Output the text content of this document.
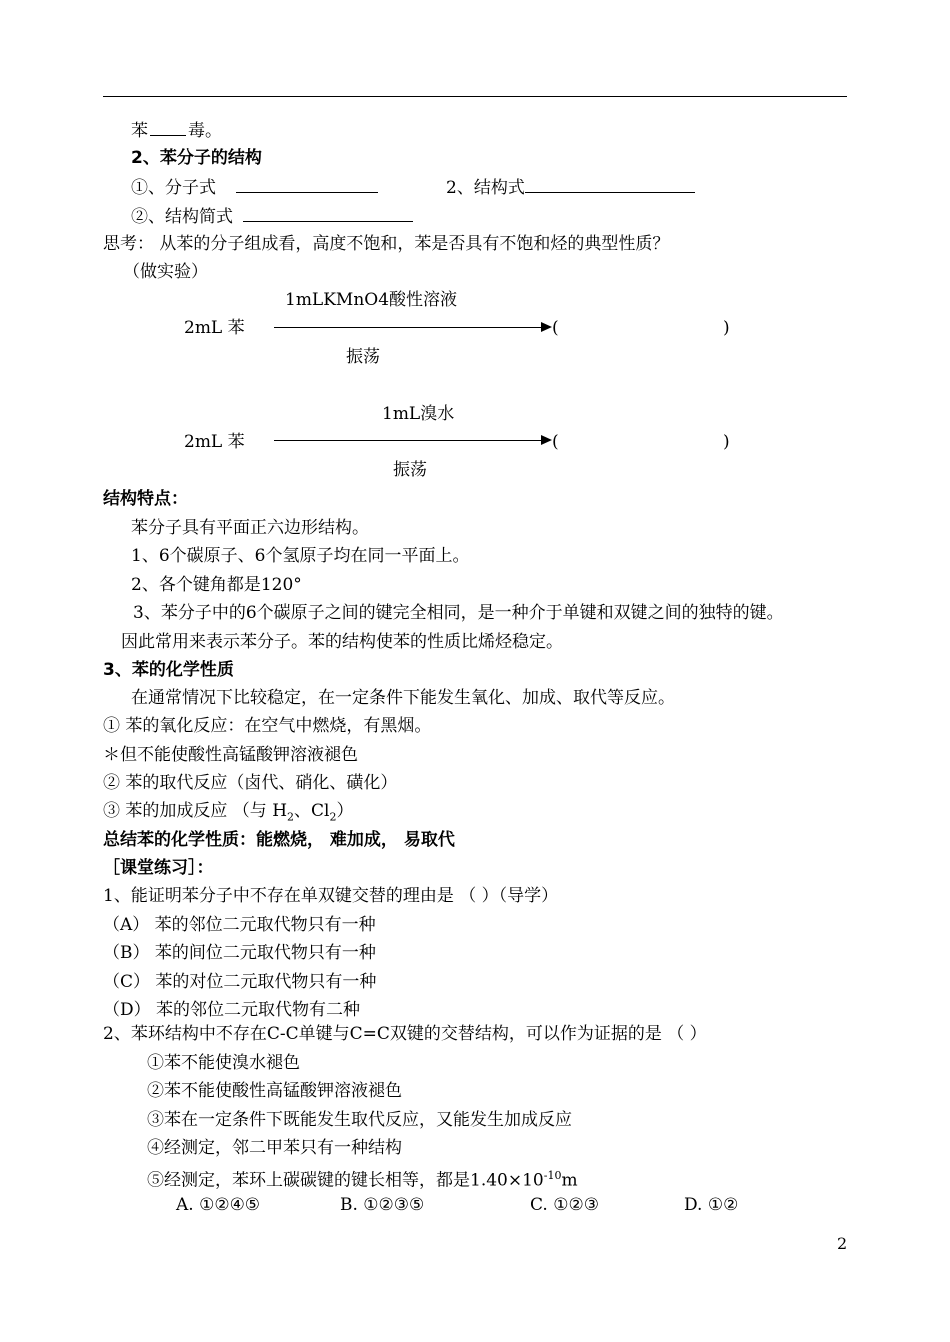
苯 毒。
2、苯分子的结构
①、分子式	2、结构式
②、结构简式
思考： 从苯的分子组成看，高度不饱和，苯是否具有不饱和烃的典型性质？
（做实验）
1mLKMnO4酸性溶液
2mL 苯	(	)
振荡
1mL溴水
2mL 苯	(	)
振荡
结构特点：
苯分子具有平面正六边形结构。
1、6个碳原子、6个氢原子均在同一平面上。
2、各个键角都是120°
3、苯分子中的6个碳原子之间的键完全相同，是一种介于单键和双键之间的独特的键。
因此常用来表示苯分子。苯的结构使苯的性质比烯烃稳定。
3、苯的化学性质
在通常情况下比较稳定，在一定条件下能发生氧化、加成、取代等反应。
① 苯的氧化反应：在空气中燃烧，有黑烟。
＊但不能使酸性高锰酸钾溶液褪色
② 苯的取代反应（卤代、硝化、磺化）
③ 苯的加成反应 （与 $H_2$、$Cl_2$）
总结苯的化学性质：能燃烧， 难加成， 易取代
［课堂练习］：
1、能证明苯分子中不存在单双键交替的理由是 （ ）（导学）
（A） 苯的邻位二元取代物只有一种
（B） 苯的间位二元取代物只有一种
（C） 苯的对位二元取代物只有一种
（D） 苯的邻位二元取代物有二种
2、苯环结构中不存在C-C单键与C=C双键的交替结构，可以作为证据的是 （ ）
①苯不能使溴水褪色
②苯不能使酸性高锰酸钾溶液褪色
③苯在一定条件下既能发生取代反应，又能发生加成反应
④经测定，邻二甲苯只有一种结构
⑤经测定，苯环上碳碳键的键长相等，都是$1.40\times 10^{-10}m$
A. ①②④⑤	B. ①②③⑤	C. ①②③	D. ①②
2
